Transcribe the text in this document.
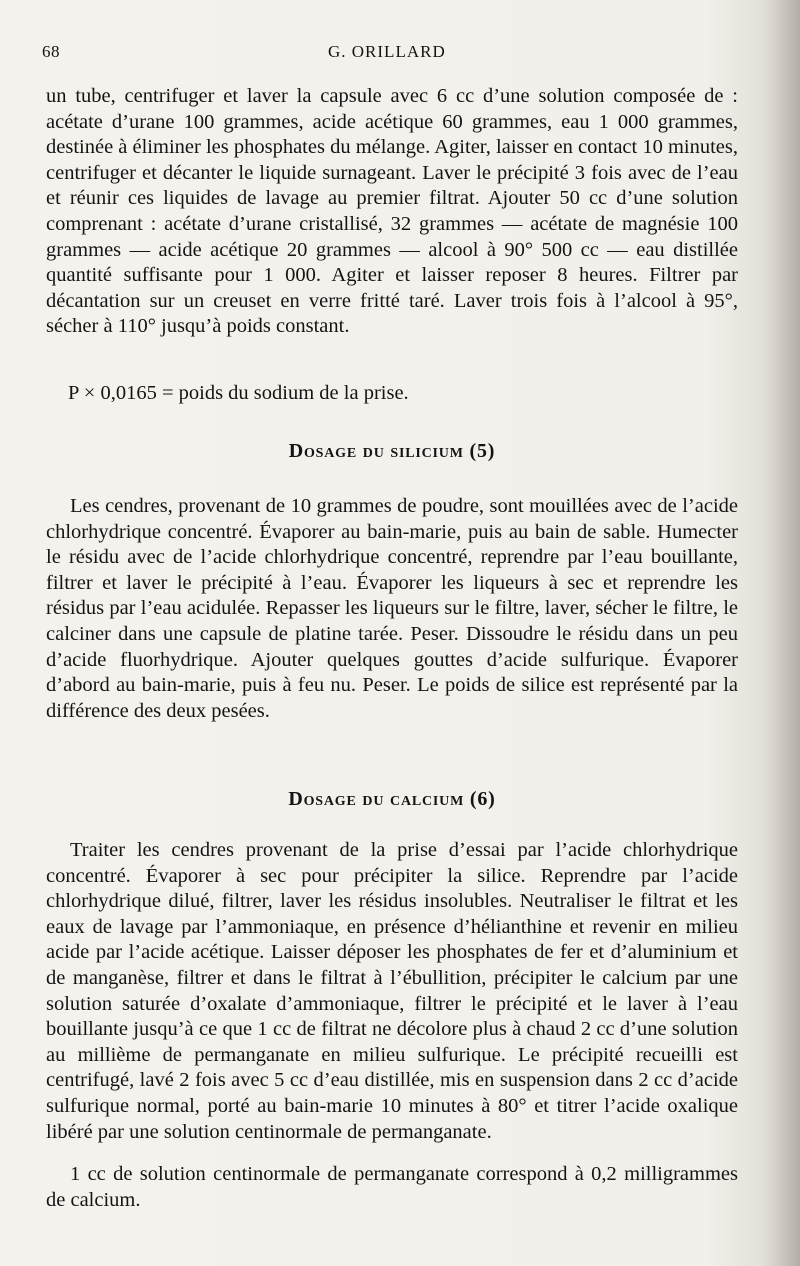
68	G. ORILLARD

un tube, centrifuger et laver la capsule avec 6 cc d’une solution composée de : acétate d’urane 100 grammes, acide acétique 60 grammes, eau 1 000 grammes, destinée à éliminer les phosphates du mélange. Agiter, laisser en contact 10 minutes, centrifuger et décanter le liquide surnageant. Laver le précipité 3 fois avec de l’eau et réunir ces liquides de lavage au premier filtrat. Ajouter 50 cc d’une solution comprenant : acétate d’urane cristallisé, 32 grammes — acétate de magnésie 100 grammes — acide acétique 20 grammes — alcool à 90° 500 cc — eau distillée quantité suffisante pour 1 000. Agiter et laisser reposer 8 heures. Filtrer par décantation sur un creuset en verre fritté taré. Laver trois fois à l’alcool à 95°, sécher à 110° jusqu’à poids constant.

P × 0,0165 = poids du sodium de la prise.

Dosage du silicium (5)

Les cendres, provenant de 10 grammes de poudre, sont mouillées avec de l’acide chlorhydrique concentré. Évaporer au bain-marie, puis au bain de sable. Humecter le résidu avec de l’acide chlorhydrique concentré, reprendre par l’eau bouillante, filtrer et laver le précipité à l’eau. Évaporer les liqueurs à sec et reprendre les résidus par l’eau acidulée. Repasser les liqueurs sur le filtre, laver, sécher le filtre, le calciner dans une capsule de platine tarée. Peser. Dissoudre le résidu dans un peu d’acide fluorhydrique. Ajouter quelques gouttes d’acide sulfurique. Évaporer d’abord au bain-marie, puis à feu nu. Peser. Le poids de silice est représenté par la différence des deux pesées.

Dosage du calcium (6)

Traiter les cendres provenant de la prise d’essai par l’acide chlorhydrique concentré. Évaporer à sec pour précipiter la silice. Reprendre par l’acide chlorhydrique dilué, filtrer, laver les résidus insolubles. Neutraliser le filtrat et les eaux de lavage par l’ammoniaque, en présence d’hélianthine et revenir en milieu acide par l’acide acétique. Laisser déposer les phosphates de fer et d’aluminium et de manganèse, filtrer et dans le filtrat à l’ébullition, précipiter le calcium par une solution saturée d’oxalate d’ammoniaque, filtrer le précipité et le laver à l’eau bouillante jusqu’à ce que 1 cc de filtrat ne décolore plus à chaud 2 cc d’une solution au millième de permanganate en milieu sulfurique. Le précipité recueilli est centrifugé, lavé 2 fois avec 5 cc d’eau distillée, mis en suspension dans 2 cc d’acide sulfurique normal, porté au bain-marie 10 minutes à 80° et titrer l’acide oxalique libéré par une solution centinormale de permanganate.

1 cc de solution centinormale de permanganate correspond à 0,2 milligrammes de calcium.
